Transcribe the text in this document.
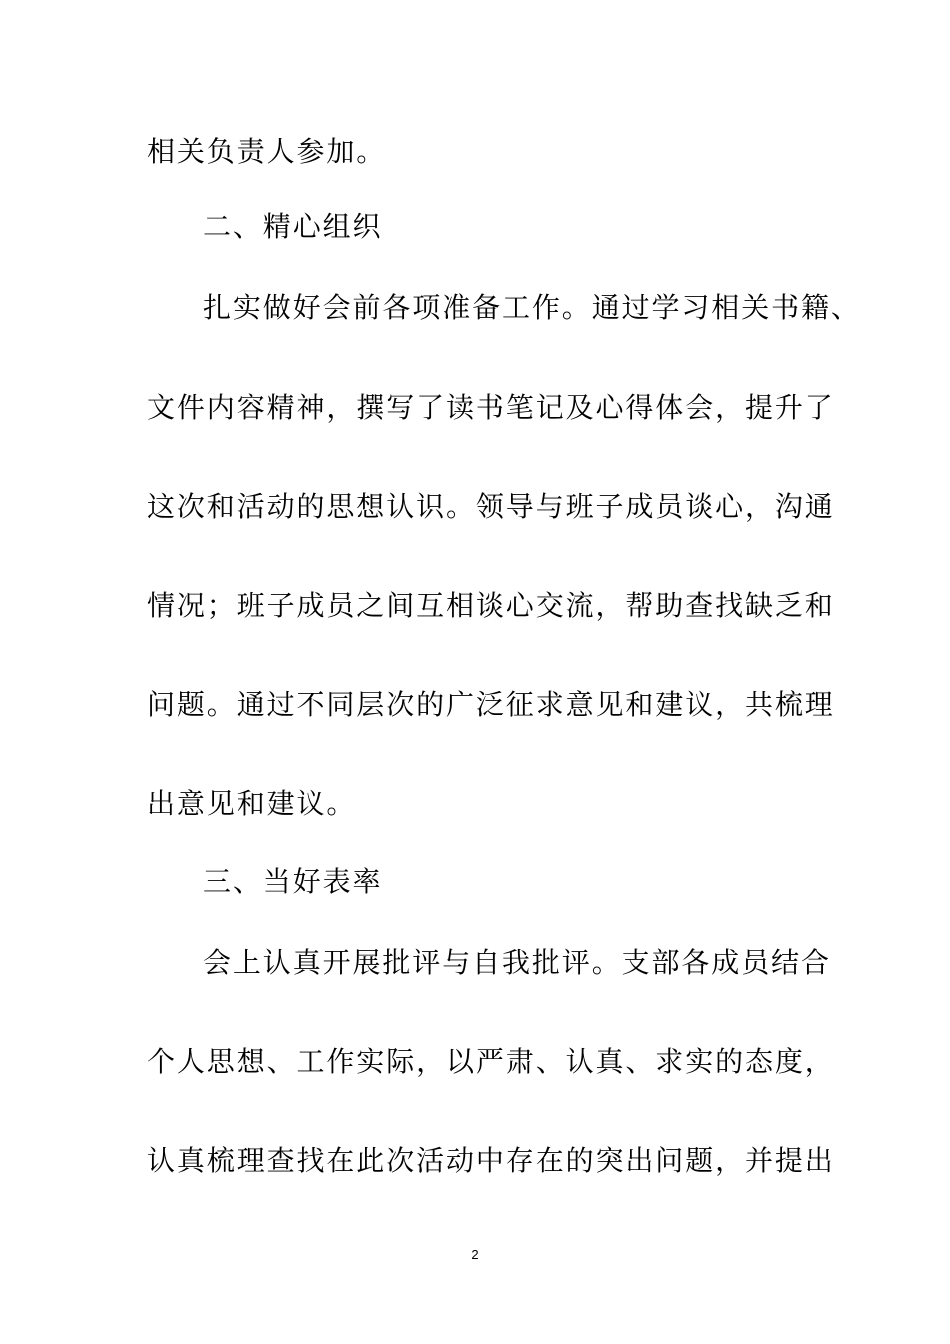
相关负责人参加。
二、精心组织
扎实做好会前各项准备工作。通过学习相关书籍、
文件内容精神，撰写了读书笔记及心得体会，提升了
这次和活动的思想认识。领导与班子成员谈心，沟通
情况；班子成员之间互相谈心交流，帮助查找缺乏和
问题。通过不同层次的广泛征求意见和建议，共梳理
出意见和建议。
三、当好表率
会上认真开展批评与自我批评。支部各成员结合
个人思想、工作实际，以严肃、认真、求实的态度，
认真梳理查找在此次活动中存在的突出问题，并提出
2
